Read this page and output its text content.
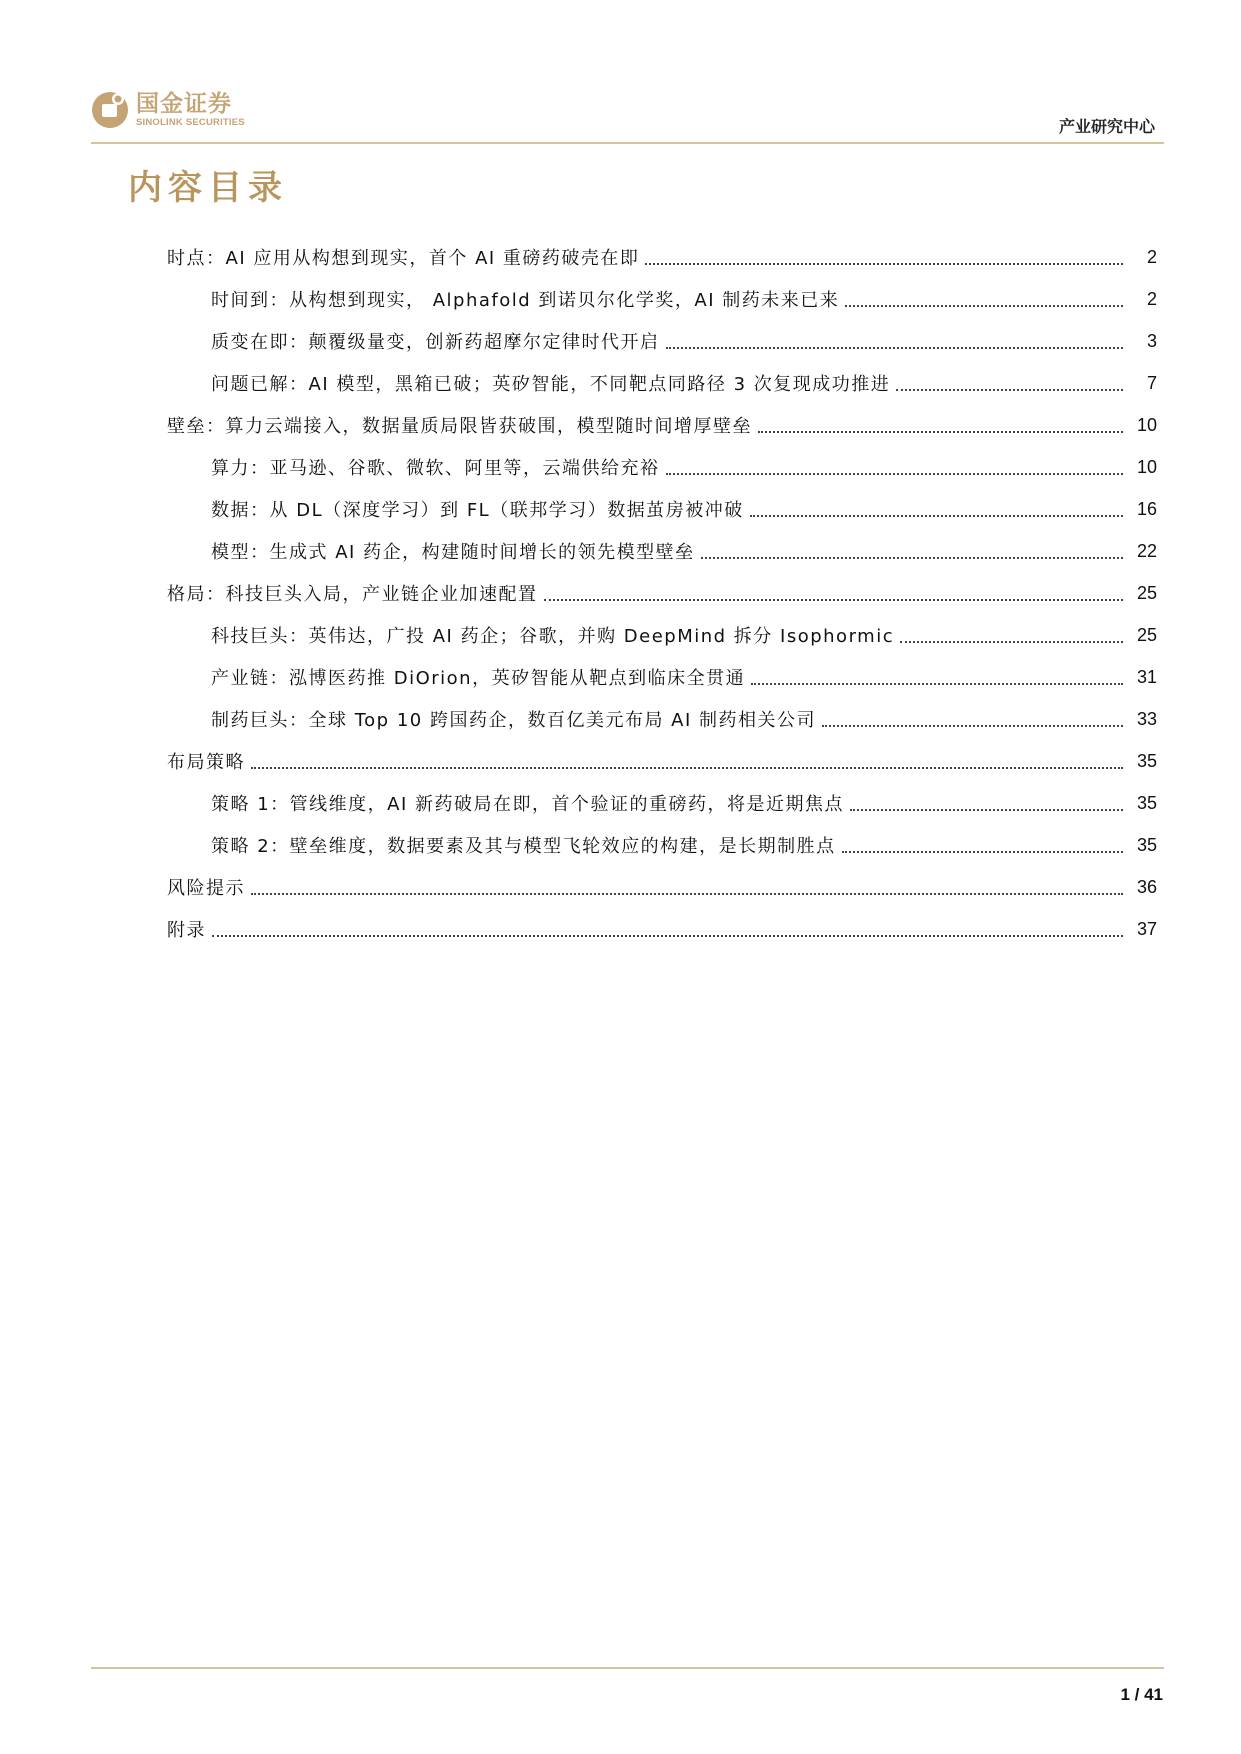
国金证券
SINOLINK SECURITIES	产业研究中心
内容目录
时点：AI 应用从构想到现实，首个 AI 重磅药破壳在即	2
时间到：从构想到现实， Alphafold 到诺贝尔化学奖，AI 制药未来已来	2
质变在即：颠覆级量变，创新药超摩尔定律时代开启	3
问题已解：AI 模型，黑箱已破；英矽智能，不同靶点同路径 3 次复现成功推进	7
壁垒：算力云端接入，数据量质局限皆获破围，模型随时间增厚壁垒	10
算力：亚马逊、谷歌、微软、阿里等，云端供给充裕	10
数据：从 DL（深度学习）到 FL（联邦学习）数据茧房被冲破	16
模型：生成式 AI 药企，构建随时间增长的领先模型壁垒	22
格局：科技巨头入局，产业链企业加速配置	25
科技巨头：英伟达，广投 AI 药企；谷歌，并购 DeepMind 拆分 Isophormic	25
产业链：泓博医药推 DiOrion，英矽智能从靶点到临床全贯通	31
制药巨头：全球 Top 10 跨国药企，数百亿美元布局 AI 制药相关公司	33
布局策略	35
策略 1：管线维度，AI 新药破局在即，首个验证的重磅药，将是近期焦点	35
策略 2：壁垒维度，数据要素及其与模型飞轮效应的构建，是长期制胜点	35
风险提示	36
附录	37
1 / 41
